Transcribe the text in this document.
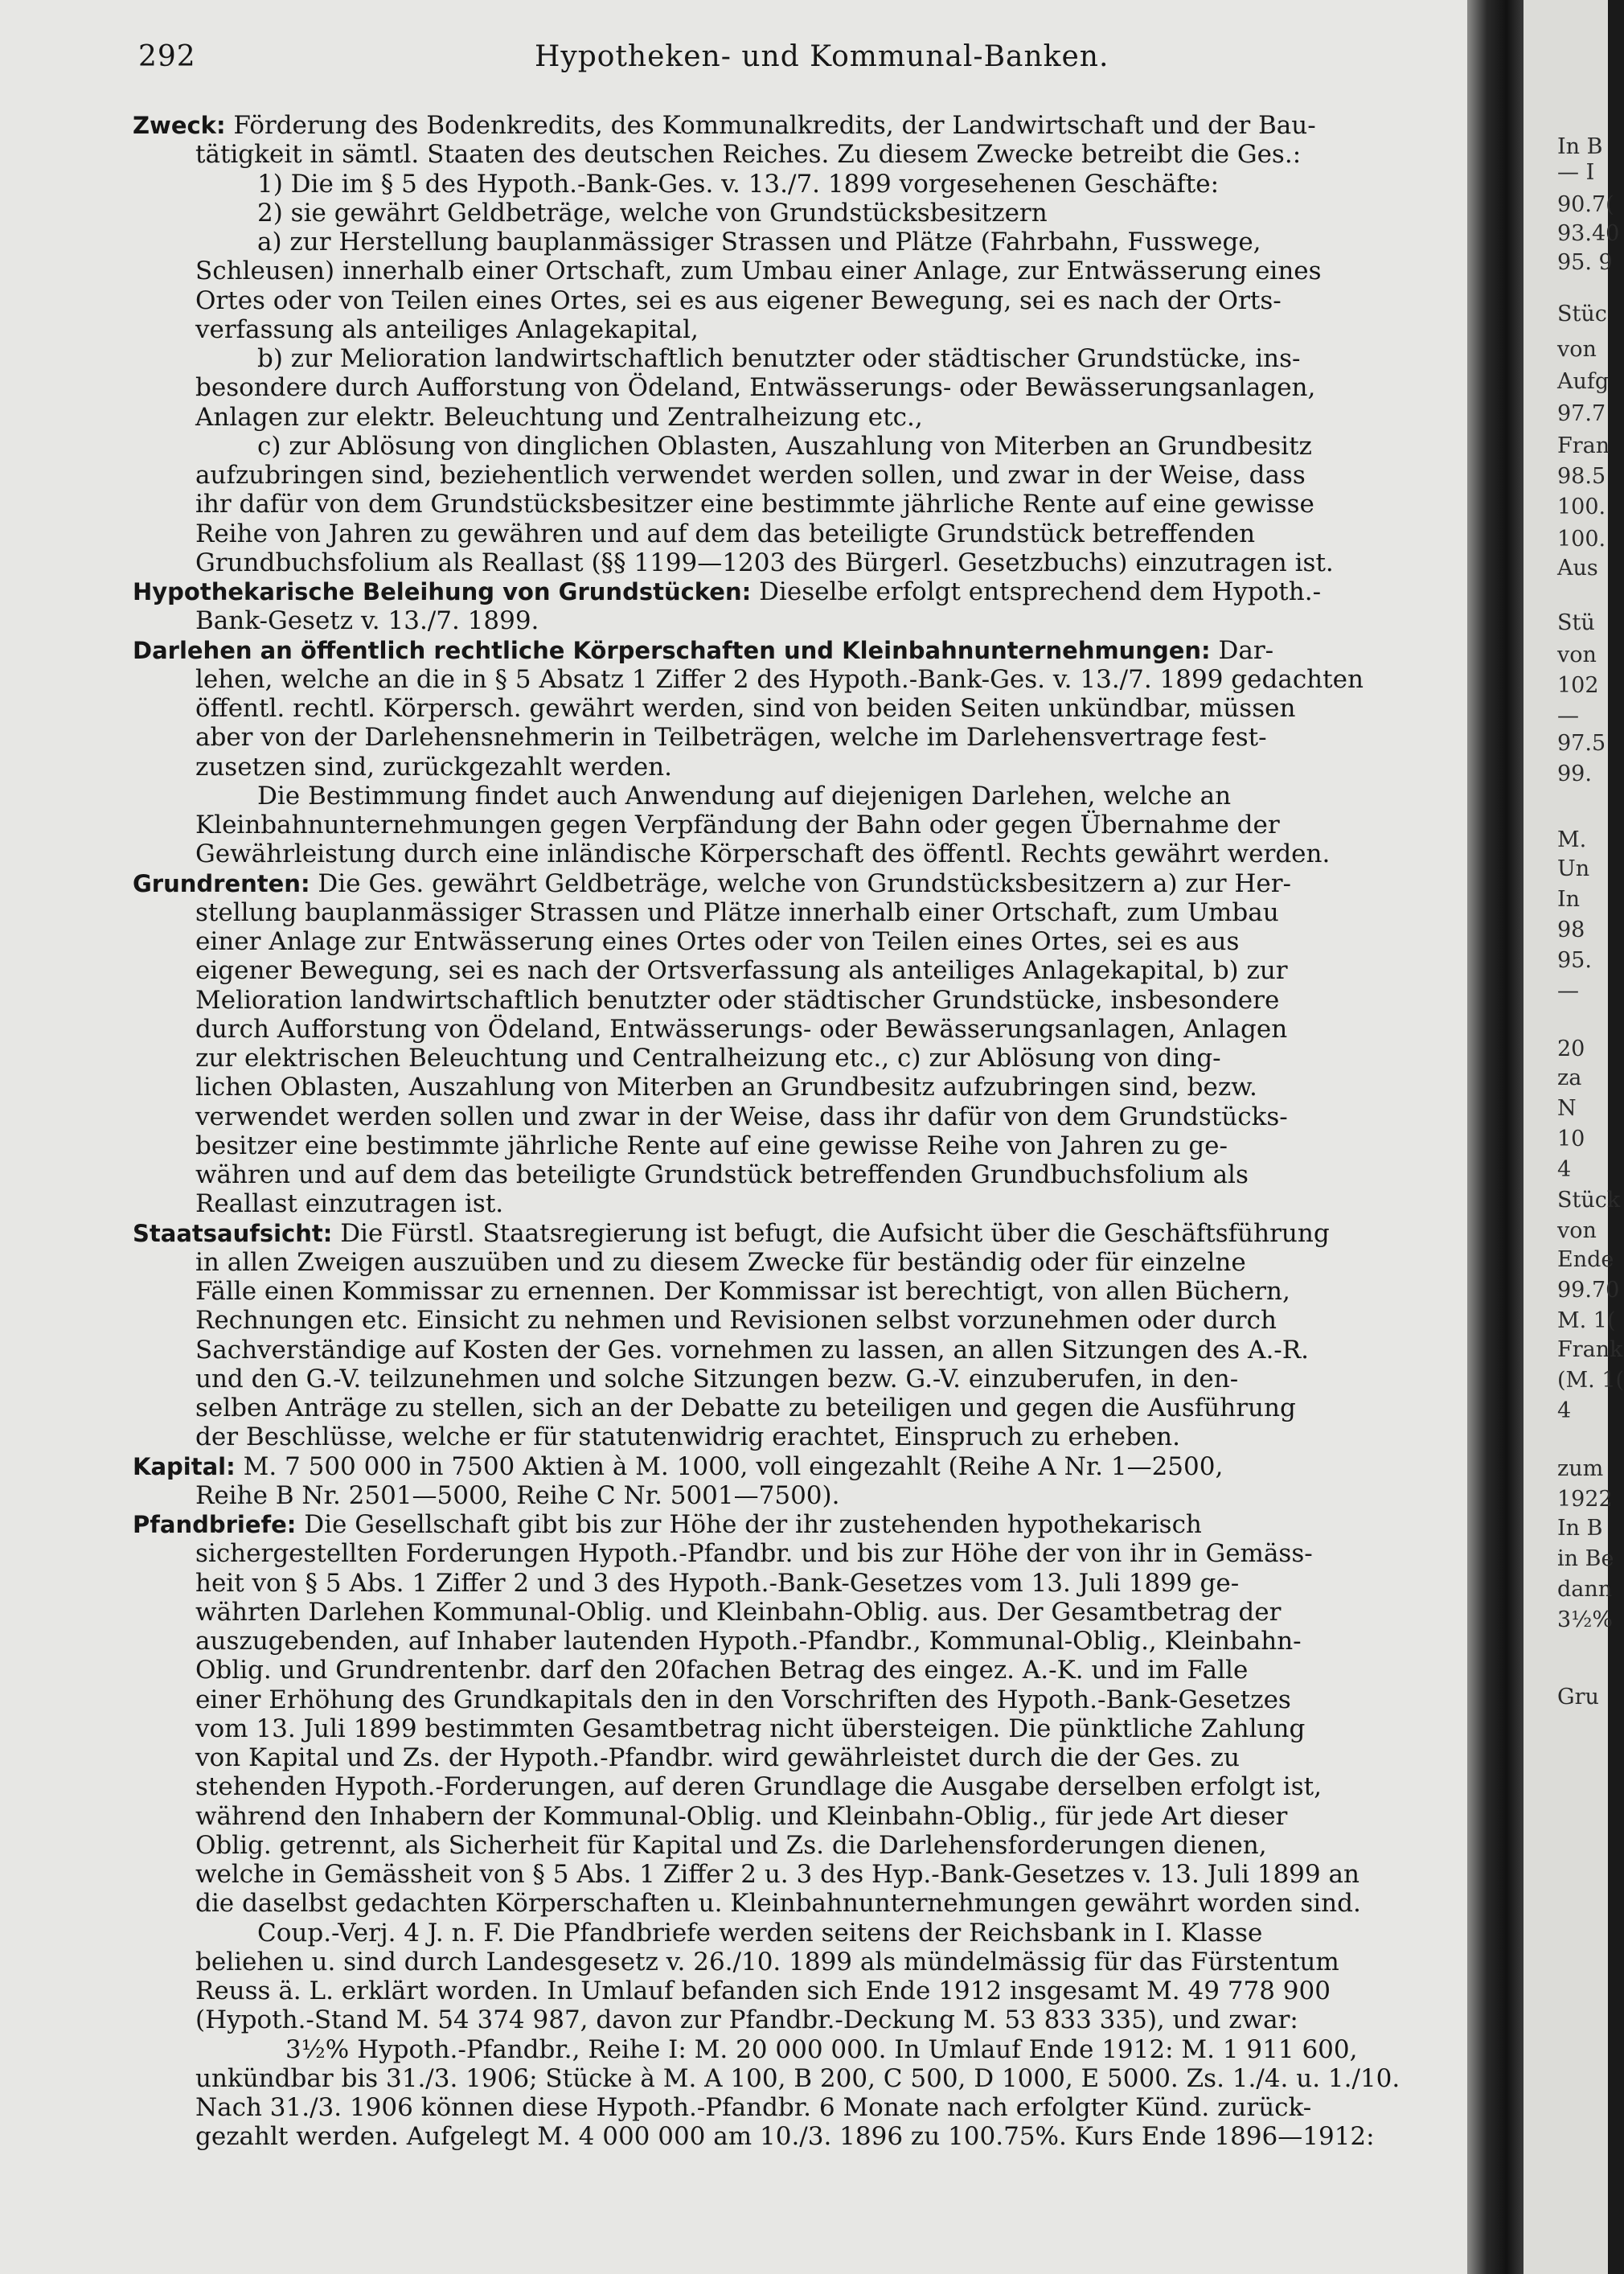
292	Hypotheken- und Kommunal-Banken.
Zweck: Förderung des Bodenkredits, des Kommunalkredits, der Landwirtschaft und der Bau-
tätigkeit in sämtl. Staaten des deutschen Reiches. Zu diesem Zwecke betreibt die Ges.:
1) Die im § 5 des Hypoth.-Bank-Ges. v. 13./7. 1899 vorgesehenen Geschäfte:
2) sie gewährt Geldbeträge, welche von Grundstücksbesitzern
a) zur Herstellung bauplanmässiger Strassen und Plätze (Fahrbahn, Fusswege,
Schleusen) innerhalb einer Ortschaft, zum Umbau einer Anlage, zur Entwässerung eines
Ortes oder von Teilen eines Ortes, sei es aus eigener Bewegung, sei es nach der Orts-
verfassung als anteiliges Anlagekapital,
b) zur Melioration landwirtschaftlich benutzter oder städtischer Grundstücke, ins-
besondere durch Aufforstung von Ödeland, Entwässerungs- oder Bewässerungsanlagen,
Anlagen zur elektr. Beleuchtung und Zentralheizung etc.,
c) zur Ablösung von dinglichen Oblasten, Auszahlung von Miterben an Grundbesitz
aufzubringen sind, beziehentlich verwendet werden sollen, und zwar in der Weise, dass
ihr dafür von dem Grundstücksbesitzer eine bestimmte jährliche Rente auf eine gewisse
Reihe von Jahren zu gewähren und auf dem das beteiligte Grundstück betreffenden
Grundbuchsfolium als Reallast (§§ 1199—1203 des Bürgerl. Gesetzbuchs) einzutragen ist.
Hypothekarische Beleihung von Grundstücken: Dieselbe erfolgt entsprechend dem Hypoth.-
Bank-Gesetz v. 13./7. 1899.
Darlehen an öffentlich rechtliche Körperschaften und Kleinbahnunternehmungen: Dar-
lehen, welche an die in § 5 Absatz 1 Ziffer 2 des Hypoth.-Bank-Ges. v. 13./7. 1899 gedachten
öffentl. rechtl. Körpersch. gewährt werden, sind von beiden Seiten unkündbar, müssen
aber von der Darlehensnehmerin in Teilbeträgen, welche im Darlehensvertrage fest-
zusetzen sind, zurückgezahlt werden.
Die Bestimmung findet auch Anwendung auf diejenigen Darlehen, welche an
Kleinbahnunternehmungen gegen Verpfändung der Bahn oder gegen Übernahme der
Gewährleistung durch eine inländische Körperschaft des öffentl. Rechts gewährt werden.
Grundrenten: Die Ges. gewährt Geldbeträge, welche von Grundstücksbesitzern a) zur Her-
stellung bauplanmässiger Strassen und Plätze innerhalb einer Ortschaft, zum Umbau
einer Anlage zur Entwässerung eines Ortes oder von Teilen eines Ortes, sei es aus
eigener Bewegung, sei es nach der Ortsverfassung als anteiliges Anlagekapital, b) zur
Melioration landwirtschaftlich benutzter oder städtischer Grundstücke, insbesondere
durch Aufforstung von Ödeland, Entwässerungs- oder Bewässerungsanlagen, Anlagen
zur elektrischen Beleuchtung und Centralheizung etc., c) zur Ablösung von ding-
lichen Oblasten, Auszahlung von Miterben an Grundbesitz aufzubringen sind, bezw.
verwendet werden sollen und zwar in der Weise, dass ihr dafür von dem Grundstücks-
besitzer eine bestimmte jährliche Rente auf eine gewisse Reihe von Jahren zu ge-
währen und auf dem das beteiligte Grundstück betreffenden Grundbuchsfolium als
Reallast einzutragen ist.
Staatsaufsicht: Die Fürstl. Staatsregierung ist befugt, die Aufsicht über die Geschäftsführung
in allen Zweigen auszuüben und zu diesem Zwecke für beständig oder für einzelne
Fälle einen Kommissar zu ernennen. Der Kommissar ist berechtigt, von allen Büchern,
Rechnungen etc. Einsicht zu nehmen und Revisionen selbst vorzunehmen oder durch
Sachverständige auf Kosten der Ges. vornehmen zu lassen, an allen Sitzungen des A.-R.
und den G.-V. teilzunehmen und solche Sitzungen bezw. G.-V. einzuberufen, in den-
selben Anträge zu stellen, sich an der Debatte zu beteiligen und gegen die Ausführung
der Beschlüsse, welche er für statutenwidrig erachtet, Einspruch zu erheben.
Kapital: M. 7 500 000 in 7500 Aktien à M. 1000, voll eingezahlt (Reihe A Nr. 1—2500,
Reihe B Nr. 2501—5000, Reihe C Nr. 5001—7500).
Pfandbriefe: Die Gesellschaft gibt bis zur Höhe der ihr zustehenden hypothekarisch
sichergestellten Forderungen Hypoth.-Pfandbr. und bis zur Höhe der von ihr in Gemäss-
heit von § 5 Abs. 1 Ziffer 2 und 3 des Hypoth.-Bank-Gesetzes vom 13. Juli 1899 ge-
währten Darlehen Kommunal-Oblig. und Kleinbahn-Oblig. aus. Der Gesamtbetrag der
auszugebenden, auf Inhaber lautenden Hypoth.-Pfandbr., Kommunal-Oblig., Kleinbahn-
Oblig. und Grundrentenbr. darf den 20fachen Betrag des eingez. A.-K. und im Falle
einer Erhöhung des Grundkapitals den in den Vorschriften des Hypoth.-Bank-Gesetzes
vom 13. Juli 1899 bestimmten Gesamtbetrag nicht übersteigen. Die pünktliche Zahlung
von Kapital und Zs. der Hypoth.-Pfandbr. wird gewährleistet durch die der Ges. zu
stehenden Hypoth.-Forderungen, auf deren Grundlage die Ausgabe derselben erfolgt ist,
während den Inhabern der Kommunal-Oblig. und Kleinbahn-Oblig., für jede Art dieser
Oblig. getrennt, als Sicherheit für Kapital und Zs. die Darlehensforderungen dienen,
welche in Gemässheit von § 5 Abs. 1 Ziffer 2 u. 3 des Hyp.-Bank-Gesetzes v. 13. Juli 1899 an
die daselbst gedachten Körperschaften u. Kleinbahnunternehmungen gewährt worden sind.
Coup.-Verj. 4 J. n. F. Die Pfandbriefe werden seitens der Reichsbank in I. Klasse
beliehen u. sind durch Landesgesetz v. 26./10. 1899 als mündelmässig für das Fürstentum
Reuss ä. L. erklärt worden. In Umlauf befanden sich Ende 1912 insgesamt M. 49 778 900
(Hypoth.-Stand M. 54 374 987, davon zur Pfandbr.-Deckung M. 53 833 335), und zwar:
3½% Hypoth.-Pfandbr., Reihe I: M. 20 000 000. In Umlauf Ende 1912: M. 1 911 600,
unkündbar bis 31./3. 1906; Stücke à M. A 100, B 200, C 500, D 1000, E 5000. Zs. 1./4. u. 1./10.
Nach 31./3. 1906 können diese Hypoth.-Pfandbr. 6 Monate nach erfolgter Künd. zurück-
gezahlt werden. Aufgelegt M. 4 000 000 am 10./3. 1896 zu 100.75%. Kurs Ende 1896—1912:
In B
— I
90.7(
93.40
95. 9
Stüc
von
Aufg
97.7
Fran
98.5
100.
100.
Aus
Stü
von
102
—
97.5
99.
M.
Un
In
98
95.
—
20
za
N
10
4
Stück
von
Ende
99.70
M. 1(
Frank
(M. 1(
4
zum
1922
In B
in Be
dann
3½%
Gru
